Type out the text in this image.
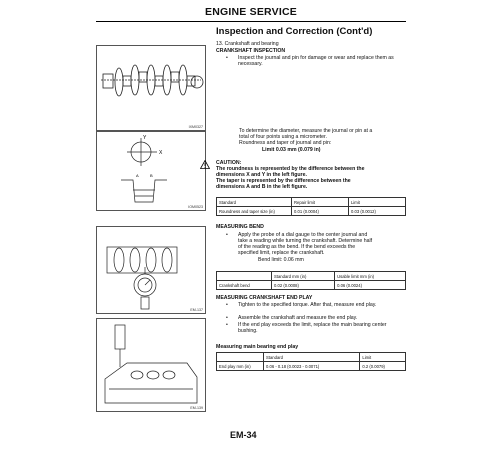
ENGINE SERVICE
Inspection and Correction (Cont'd)
13. Crankshaft and bearing
CRANKSHAFT INSPECTION
• Inspect the journal and pin for damage or wear and replace them as necessary.
IXM0327
To determine the diameter, measure the journal or pin at a
total of four points using a micrometer.
Roundness and taper of journal and pin:
Limit 0.03 mm (0.079 in)
X
Y
A	B
IOM0523
CAUTION:
The roundness is represented by the difference between the
dimensions X and Y in the left figure.
The taper is represented by the difference between the
dimensions A and B in the left figure.
Standard	Repair limit	Limit
Roundness and taper size (in)	0.01 (0.0004)	0.03 (0.0012)
MEASURING BEND
• Apply the probe of a dial gauge to the center journal and
take a reading while turning the crankshaft. Determine half
of the reading as the bend. If the bend exceeds the
specified limit, replace the crankshaft.
Bend limit: 0.06 mm
	Standard mm (in)	Usable limit mm (in)
Crankshaft bend	0.02 (0.0008)	0.06 (0.0024)
EM-137
MEASURING CRANKSHAFT END PLAY
• Tighten to the specified torque. After that, measure end play.
• Assemble the crankshaft and measure the end play.
• If the end play exceeds the limit, replace the main bearing center bushing.
Measuring main bearing end play
	Standard	Limit
End play mm (in)	0.06 - 0.18 (0.0023 - 0.0071)	0.2 (0.0079)
EM-139
EM-34
